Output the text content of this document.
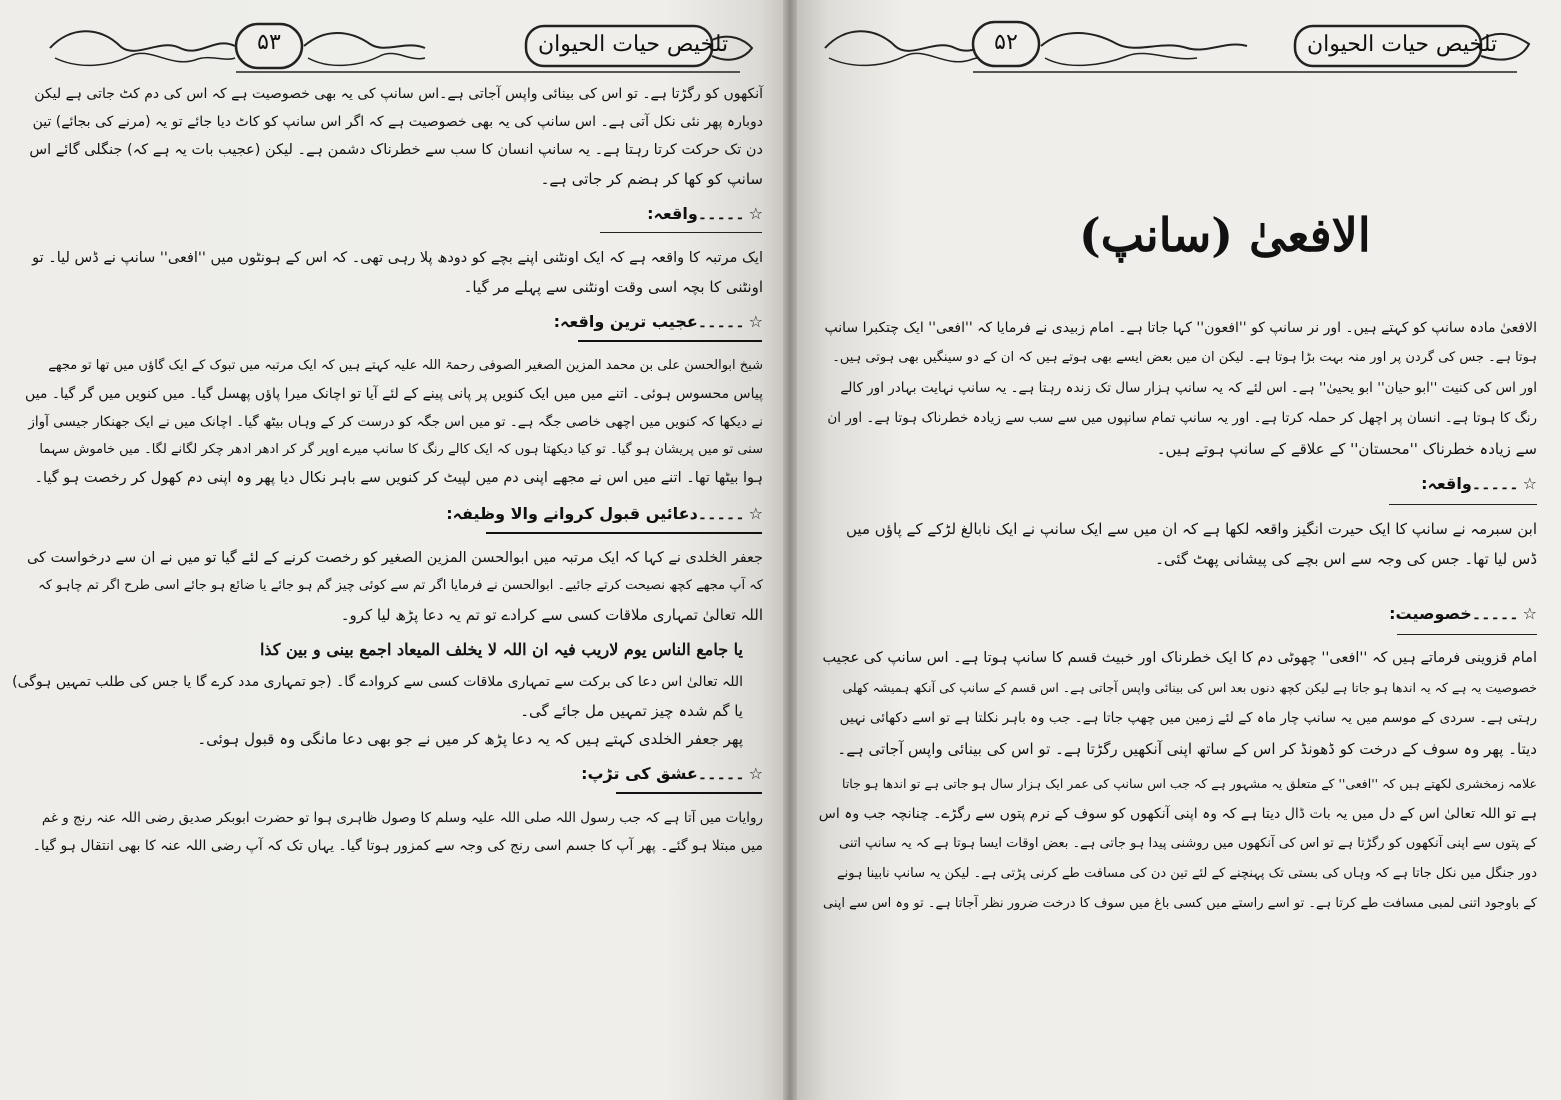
تلخیص حیات الحیوان
۵۳
آنکھوں کو رگڑتا ہے۔ تو اس کی بینائی واپس آجاتی ہے۔اس سانپ کی یہ بھی خصوصیت ہے کہ اس کی دم کٹ جاتی ہے لیکن
دوبارہ پھر نئی نکل آتی ہے۔ اس سانپ کی یہ بھی خصوصیت ہے کہ اگر اس سانپ کو کاٹ دیا جائے تو یہ (مرنے کی بجائے) تین
دن تک حرکت کرتا رہتا ہے۔ یہ سانپ انسان کا سب سے خطرناک دشمن ہے۔ لیکن (عجیب بات یہ ہے کہ) جنگلی گائے اس
سانپ کو کھا کر ہضم کر جاتی ہے۔
☆۔۔۔۔۔واقعہ:
ایک مرتبہ کا واقعہ ہے کہ ایک اونٹنی اپنے بچے کو دودھ پلا رہی تھی۔ کہ اس کے ہونٹوں میں ''افعی'' سانپ نے ڈس لیا۔ تو
اونٹنی کا بچہ اسی وقت اونٹنی سے پہلے مر گیا۔
☆۔۔۔۔۔عجیب ترین واقعہ:
شیخ ابوالحسن علی بن محمد المزین الصغیر الصوفی رحمۃ اللہ علیہ کہتے ہیں کہ ایک مرتبہ میں تبوک کے ایک گاؤں میں تھا تو مجھے
پیاس محسوس ہوئی۔ اتنے میں میں ایک کنویں پر پانی پینے کے لئے آیا تو اچانک میرا پاؤں پھسل گیا۔ میں کنویں میں گر گیا۔ میں
نے دیکھا کہ کنویں میں اچھی خاصی جگہ ہے۔ تو میں اس جگہ کو درست کر کے وہاں بیٹھ گیا۔ اچانک میں نے ایک جھنکار جیسی آواز
سنی تو میں پریشان ہو گیا۔ تو کیا دیکھتا ہوں کہ ایک کالے رنگ کا سانپ میرے اوپر گر کر ادھر ادھر چکر لگانے لگا۔ میں خاموش سہما
ہوا بیٹھا تھا۔ اتنے میں اس نے مجھے اپنی دم میں لپیٹ کر کنویں سے باہر نکال دیا پھر وہ اپنی دم کھول کر رخصت ہو گیا۔
☆۔۔۔۔۔دعائیں قبول کروانے والا وظیفہ:
جعفر الخلدی نے کہا کہ ایک مرتبہ میں ابوالحسن المزین الصغیر کو رخصت کرنے کے لئے گیا تو میں نے ان سے درخواست کی
کہ آپ مجھے کچھ نصیحت کرتے جائیے۔ ابوالحسن نے فرمایا اگر تم سے کوئی چیز گم ہو جائے یا ضائع ہو جائے اسی طرح اگر تم چاہو کہ
اللہ تعالیٰ تمہاری ملاقات کسی سے کرادے تو تم یہ دعا پڑھ لیا کرو۔
یا جامع الناس یوم لاریب فیہ ان اللہ لا یخلف المیعاد اجمع بینی و بین کذا
اللہ تعالیٰ اس دعا کی برکت سے تمہاری ملاقات کسی سے کروادے گا۔ (جو تمہاری مدد کرے گا یا جس کی طلب تمہیں ہوگی)
یا گم شدہ چیز تمہیں مل جائے گی۔
پھر جعفر الخلدی کہتے ہیں کہ یہ دعا پڑھ کر میں نے جو بھی دعا مانگی وہ قبول ہوئی۔
☆۔۔۔۔۔عشق کی تڑپ:
روایات میں آتا ہے کہ جب رسول اللہ صلی اللہ علیہ وسلم کا وصول ظاہری ہوا تو حضرت ابوبکر صدیق رضی اللہ عنہ رنج و غم
میں مبتلا ہو گئے۔ پھر آپ کا جسم اسی رنج کی وجہ سے کمزور ہوتا گیا۔ یہاں تک کہ آپ رضی اللہ عنہ کا بھی انتقال ہو گیا۔
تلخیص حیات الحیوان
۵۲
الافعیٰ (سانپ)
الافعیٰ مادہ سانپ کو کہتے ہیں۔ اور نر سانپ کو ''افعون'' کہا جاتا ہے۔ امام زبیدی نے فرمایا کہ ''افعی'' ایک چتکبرا سانپ
ہوتا ہے۔ جس کی گردن پر اور منہ بہت بڑا ہوتا ہے۔ لیکن ان میں بعض ایسے بھی ہوتے ہیں کہ ان کے دو سینگیں بھی ہوتی ہیں۔
اور اس کی کنیت ''ابو حیان'' ابو یحییٰ'' ہے۔ اس لئے کہ یہ سانپ ہزار سال تک زندہ رہتا ہے۔ یہ سانپ نہایت بہادر اور کالے
رنگ کا ہوتا ہے۔ انسان پر اچھل کر حملہ کرتا ہے۔ اور یہ سانپ تمام سانپوں میں سے سب سے زیادہ خطرناک ہوتا ہے۔ اور ان
سے زیادہ خطرناک ''محستان'' کے علاقے کے سانپ ہوتے ہیں۔
☆۔۔۔۔۔واقعہ:
ابن سبرمہ نے سانپ کا ایک حیرت انگیز واقعہ لکھا ہے کہ ان میں سے ایک سانپ نے ایک نابالغ لڑکے کے پاؤں میں
ڈس لیا تھا۔ جس کی وجہ سے اس بچے کی پیشانی پھٹ گئی۔
☆۔۔۔۔۔خصوصیت:
امام قزوینی فرماتے ہیں کہ ''افعی'' چھوٹی دم کا ایک خطرناک اور خبیث قسم کا سانپ ہوتا ہے۔ اس سانپ کی عجیب
خصوصیت یہ ہے کہ یہ اندھا ہو جاتا ہے لیکن کچھ دنوں بعد اس کی بینائی واپس آجاتی ہے۔ اس قسم کے سانپ کی آنکھ ہمیشہ کھلی
رہتی ہے۔ سردی کے موسم میں یہ سانپ چار ماہ کے لئے زمین میں چھپ جاتا ہے۔ جب وہ باہر نکلتا ہے تو اسے دکھائی نہیں
دیتا۔ پھر وہ سوف کے درخت کو ڈھونڈ کر اس کے ساتھ اپنی آنکھیں رگڑتا ہے۔ تو اس کی بینائی واپس آجاتی ہے۔
علامہ زمخشری لکھتے ہیں کہ ''افعی'' کے متعلق یہ مشہور ہے کہ جب اس سانپ کی عمر ایک ہزار سال ہو جاتی ہے تو اندھا ہو جاتا
ہے تو اللہ تعالیٰ اس کے دل میں یہ بات ڈال دیتا ہے کہ وہ اپنی آنکھوں کو سوف کے نرم پتوں سے رگڑے۔ چنانچہ جب وہ اس
کے پتوں سے اپنی آنکھوں کو رگڑتا ہے تو اس کی آنکھوں میں روشنی پیدا ہو جاتی ہے۔ بعض اوقات ایسا ہوتا ہے کہ یہ سانپ اتنی
دور جنگل میں نکل جاتا ہے کہ وہاں کی بستی تک پہنچنے کے لئے تین دن کی مسافت طے کرنی پڑتی ہے۔ لیکن یہ سانپ نابینا ہونے
کے باوجود اتنی لمبی مسافت طے کرتا ہے۔ تو اسے راستے میں کسی باغ میں سوف کا درخت ضرور نظر آجاتا ہے۔ تو وہ اس سے اپنی
